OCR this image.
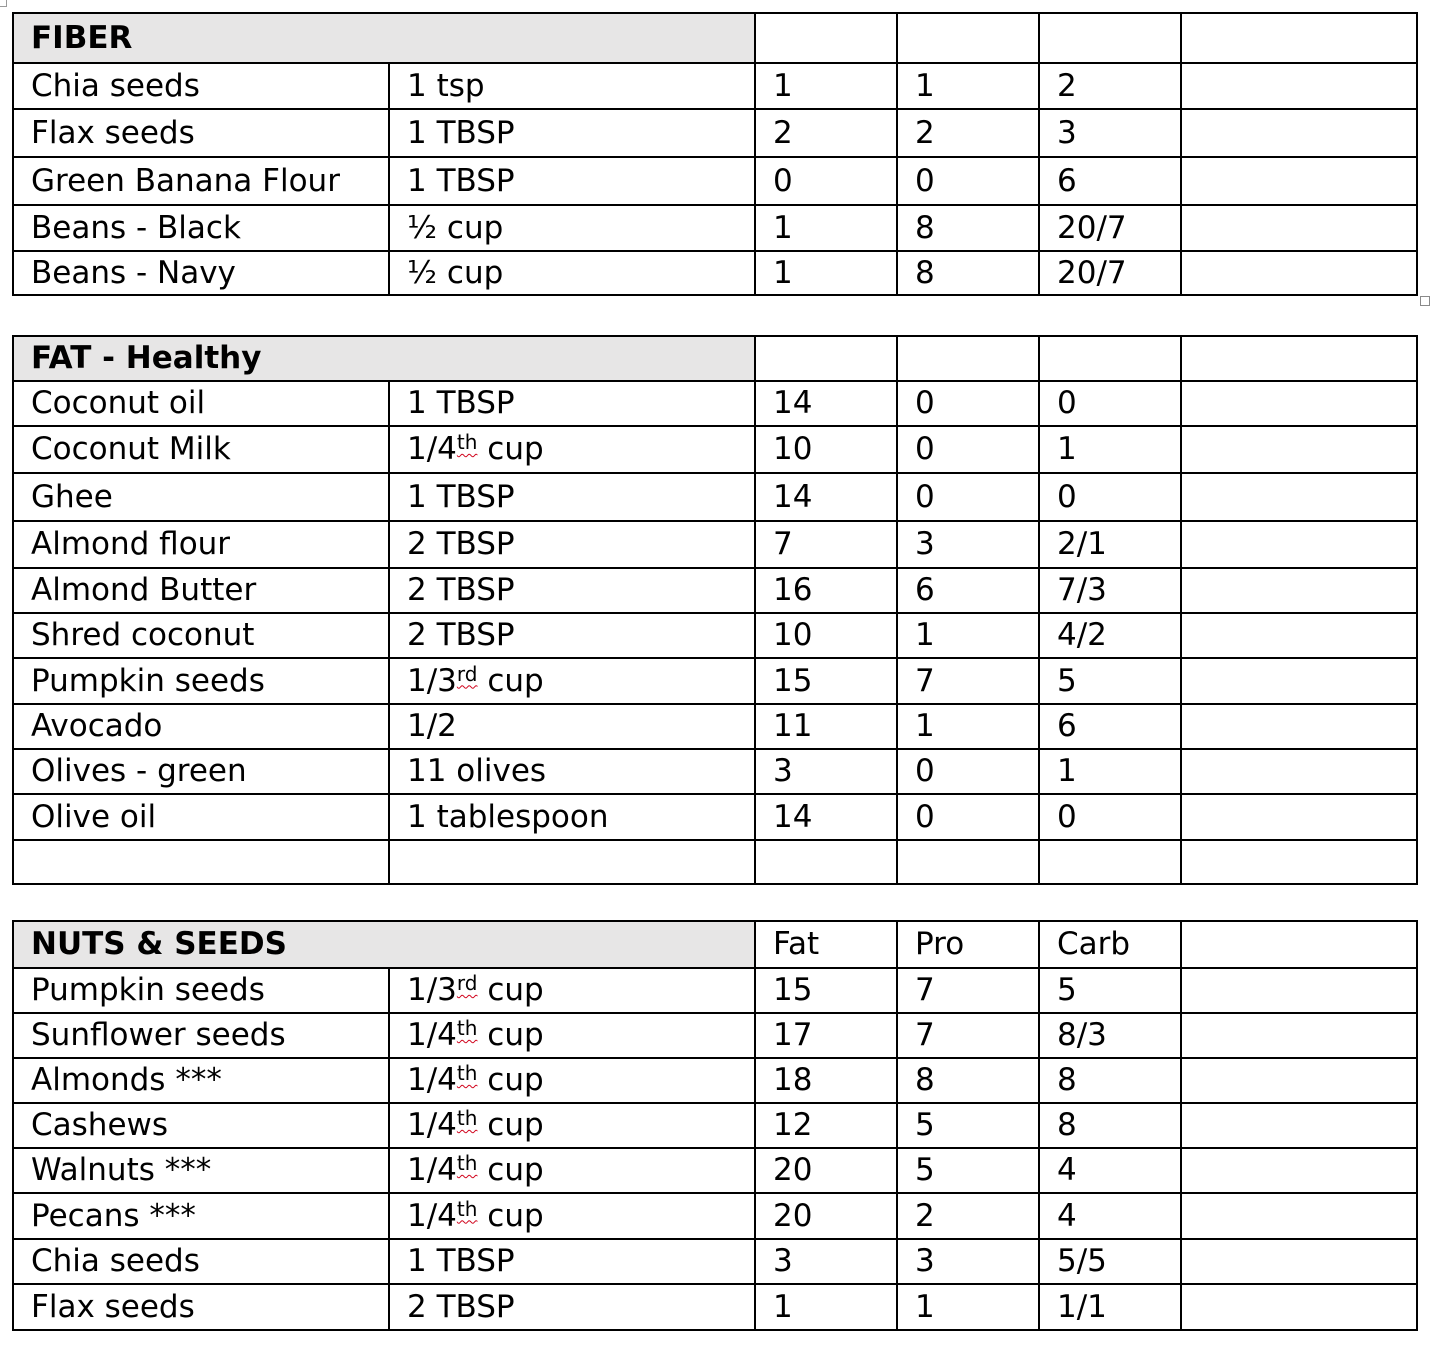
FIBER					
Chia seeds	1 tsp	1	1	2	
Flax seeds	1 TBSP	2	2	3	
Green Banana Flour	1 TBSP	0	0	6	
Beans - Black	½ cup	1	8	20/7	
Beans - Navy	½ cup	1	8	20/7	
FAT - Healthy					
Coconut oil	1 TBSP	14	0	0	
Coconut Milk	1/4th cup	10	0	1	
Ghee	1 TBSP	14	0	0	
Almond flour	2 TBSP	7	3	2/1	
Almond Butter	2 TBSP	16	6	7/3	
Shred coconut	2 TBSP	10	1	4/2	
Pumpkin seeds	1/3rd cup	15	7	5	
Avocado	1/2	11	1	6	
Olives - green	11 olives	3	0	1	
Olive oil	1 tablespoon	14	0	0	

NUTS & SEEDS		Fat	Pro	Carb	
Pumpkin seeds	1/3rd cup	15	7	5	
Sunflower seeds	1/4th cup	17	7	8/3	
Almonds ***	1/4th cup	18	8	8	
Cashews	1/4th cup	12	5	8	
Walnuts ***	1/4th cup	20	5	4	
Pecans ***	1/4th cup	20	2	4	
Chia seeds	1 TBSP	3	3	5/5	
Flax seeds	2 TBSP	1	1	1/1	
